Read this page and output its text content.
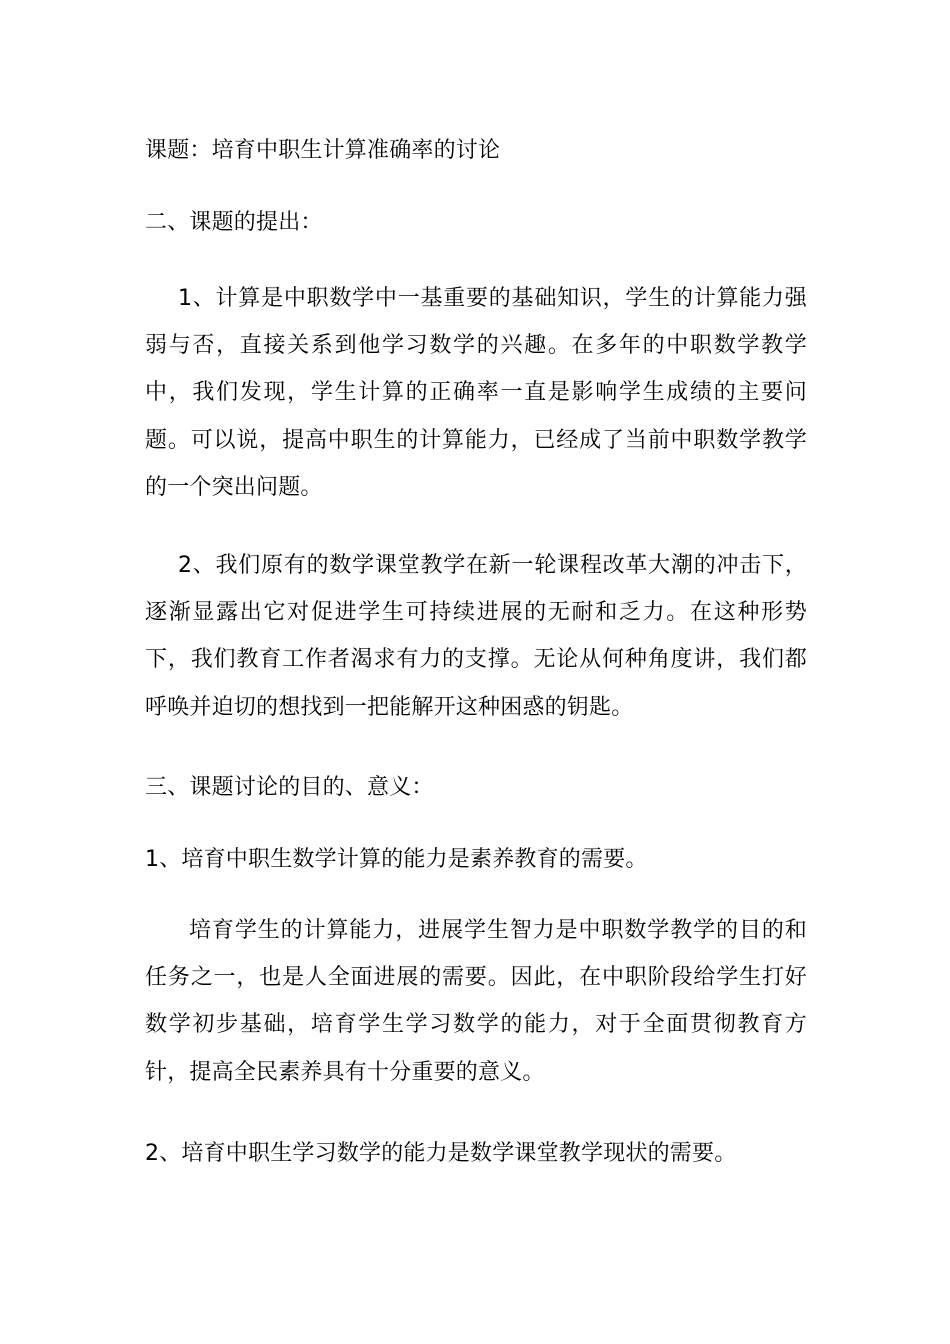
课题：培育中职生计算准确率的讨论
二、课题的提出：
1、计算是中职数学中一基重要的基础知识，学生的计算能力强弱与否，直接关系到他学习数学的兴趣。在多年的中职数学教学中，我们发现，学生计算的正确率一直是影响学生成绩的主要问题。可以说，提高中职生的计算能力，已经成了当前中职数学教学的一个突出问题。
2、我们原有的数学课堂教学在新一轮课程改革大潮的冲击下，逐渐显露出它对促进学生可持续进展的无耐和乏力。在这种形势下，我们教育工作者渴求有力的支撑。无论从何种角度讲，我们都呼唤并迫切的想找到一把能解开这种困惑的钥匙。
三、课题讨论的目的、意义：
1、培育中职生数学计算的能力是素养教育的需要。
培育学生的计算能力，进展学生智力是中职数学教学的目的和任务之一，也是人全面进展的需要。因此，在中职阶段给学生打好数学初步基础，培育学生学习数学的能力，对于全面贯彻教育方针，提高全民素养具有十分重要的意义。
2、培育中职生学习数学的能力是数学课堂教学现状的需要。
